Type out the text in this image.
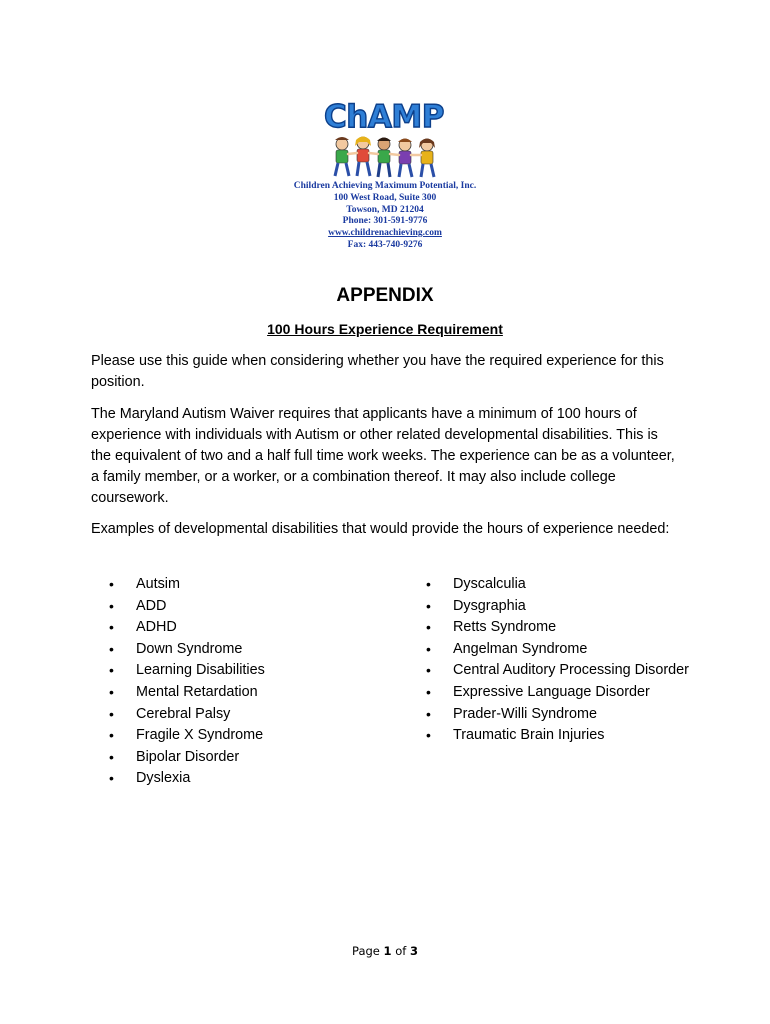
ChAMP
Children Achieving Maximum Potential, Inc.
100 West Road, Suite 300
Towson, MD 21204
Phone: 301-591-9776
www.childrenachieving.com
Fax: 443-740-9276
APPENDIX
100 Hours Experience Requirement
Please use this guide when considering whether you have the required experience for this position.
The Maryland Autism Waiver requires that applicants have a minimum of 100 hours of experience with individuals with Autism or other related developmental disabilities. This is the equivalent of two and a half full time work weeks. The experience can be as a volunteer, a family member, or a worker, or a combination thereof. It may also include college coursework.
Examples of developmental disabilities that would provide the hours of experience needed:
• Autsim
• ADD
• ADHD
• Down Syndrome
• Learning Disabilities
• Mental Retardation
• Cerebral Palsy
• Fragile X Syndrome
• Bipolar Disorder
• Dyslexia
• Dyscalculia
• Dysgraphia
• Retts Syndrome
• Angelman Syndrome
• Central Auditory Processing Disorder
• Expressive Language Disorder
• Prader-Willi Syndrome
• Traumatic Brain Injuries
Page 1 of 3
